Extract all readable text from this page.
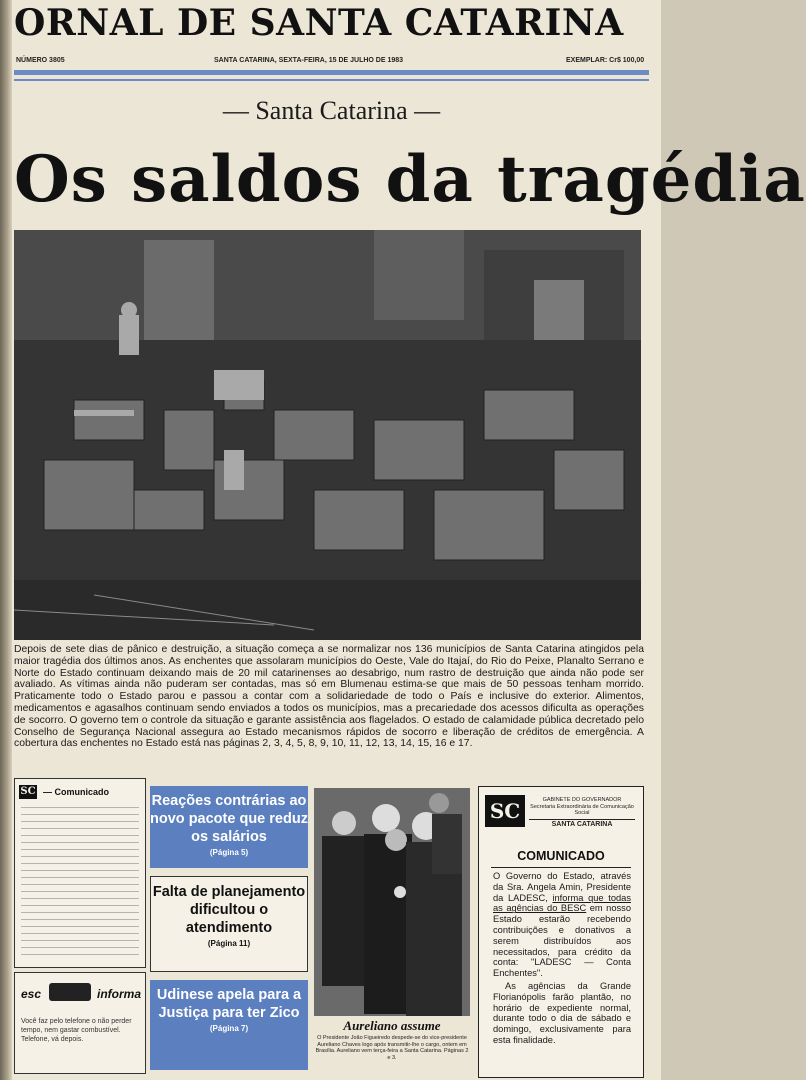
ORNAL DE SANTA CATARINA
NÚMERO 3805	SANTA CATARINA, SEXTA-FEIRA, 15 DE JULHO DE 1983	EXEMPLAR: Cr$ 100,00
— Santa Catarina —
Os saldos da tragédia
Depois de sete dias de pânico e destruição, a situação começa a se normalizar nos 136 municípios de Santa Catarina atingidos pela maior tragédia dos últimos anos. As enchentes que assolaram municípios do Oeste, Vale do Itajaí, do Rio do Peixe, Planalto Serrano e Norte do Estado continuam deixando mais de 20 mil catarinenses ao desabrigo, num rastro de destruição que ainda não pode ser avaliado. As vítimas ainda não puderam ser contadas, mas só em Blumenau estima-se que mais de 50 pessoas tenham morrido. Praticamente todo o Estado parou e passou a contar com a solidariedade de todo o País e inclusive do exterior. Alimentos, medicamentos e agasalhos continuam sendo enviados a todos os municípios, mas a precariedade dos acessos dificulta as operações de socorro. O governo tem o controle da situação e garante assistência aos flagelados. O estado de calamidade pública decretado pelo Conselho de Segurança Nacional assegura ao Estado mecanismos rápidos de socorro e liberação de créditos de emergência. A cobertura das enchentes no Estado está nas páginas 2, 3, 4, 5, 8, 9, 10, 11, 12, 13, 14, 15, 16 e 17.
SC — Comunicado
esc	informa
Você faz pelo telefone o não perder tempo, nem gastar combustível. Telefone, vá depois.
Reações contrárias ao novo pacote que reduz os salários
(Página 5)
Falta de planejamento dificultou o atendimento
(Página 11)
Udinese apela para a Justiça para ter Zico
(Página 7)	Aureliano assume
O Presidente João Figueiredo despede-se do vice-presidente Aureliano Chaves logo após transmitir-lhe o cargo, ontem em Brasília. Aureliano vem terça-feira a Santa Catarina. Páginas 2 e 3.
SC	GABINETE DO GOVERNADOR
Secretaria Extraordinária de Comunicação Social
SANTA CATARINA
COMUNICADO
O Governo do Estado, através da Sra. Angela Amin, Presidente da LADESC, informa que todas as agências do BESC em nosso Estado estarão recebendo contribuições e donativos a serem distribuídos aos necessitados, para crédito da conta: "LADESC — Conta Enchentes".
As agências da Grande Florianópolis farão plantão, no horário de expediente normal, durante todo o dia de sábado e domingo, exclusivamente para esta finalidade.
